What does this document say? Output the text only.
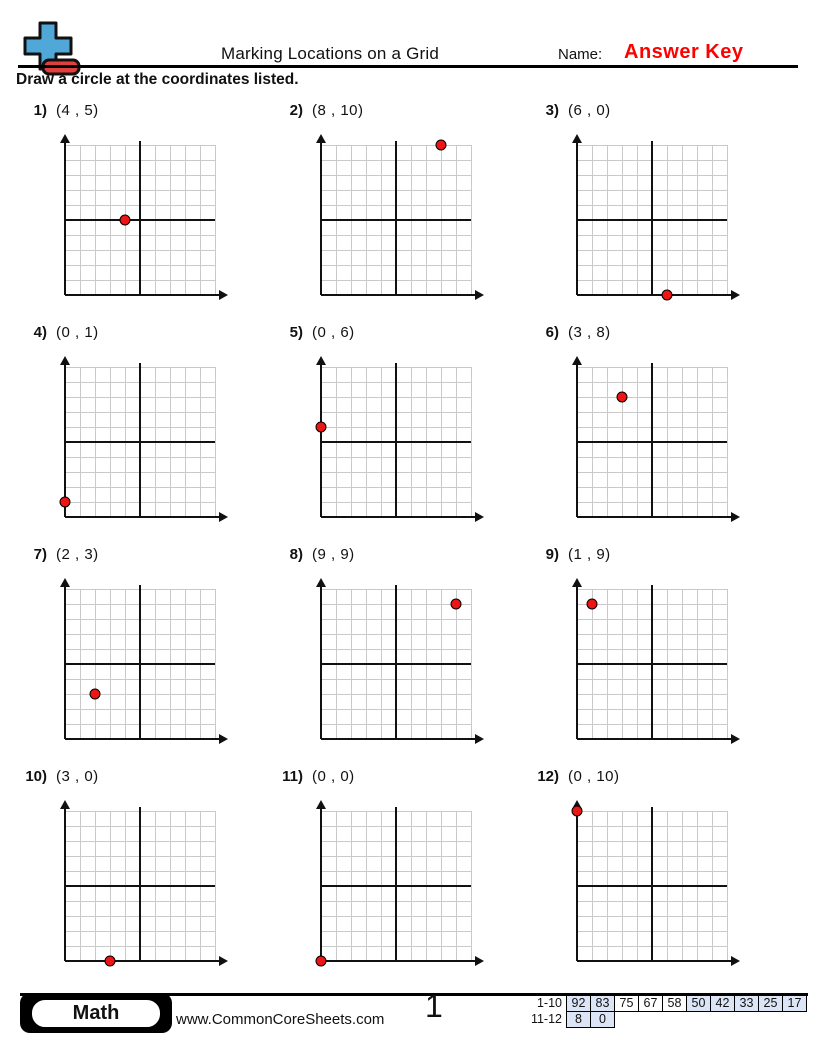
Marking Locations on a Grid	Name: Answer Key
Draw a circle at the coordinates listed.
1) (4 , 5)	2) (8 , 10)	3) (6 , 0)
4) (0 , 1)	5) (0 , 6)	6) (3 , 8)
7) (2 , 3)	8) (9 , 9)	9) (1 , 9)
10) (3 , 0)	11) (0 , 0)	12) (0 , 10)
Math	www.CommonCoreSheets.com 1	1-10 92 83 75 67 58 50 42 33 25 17
11-12	8	0
